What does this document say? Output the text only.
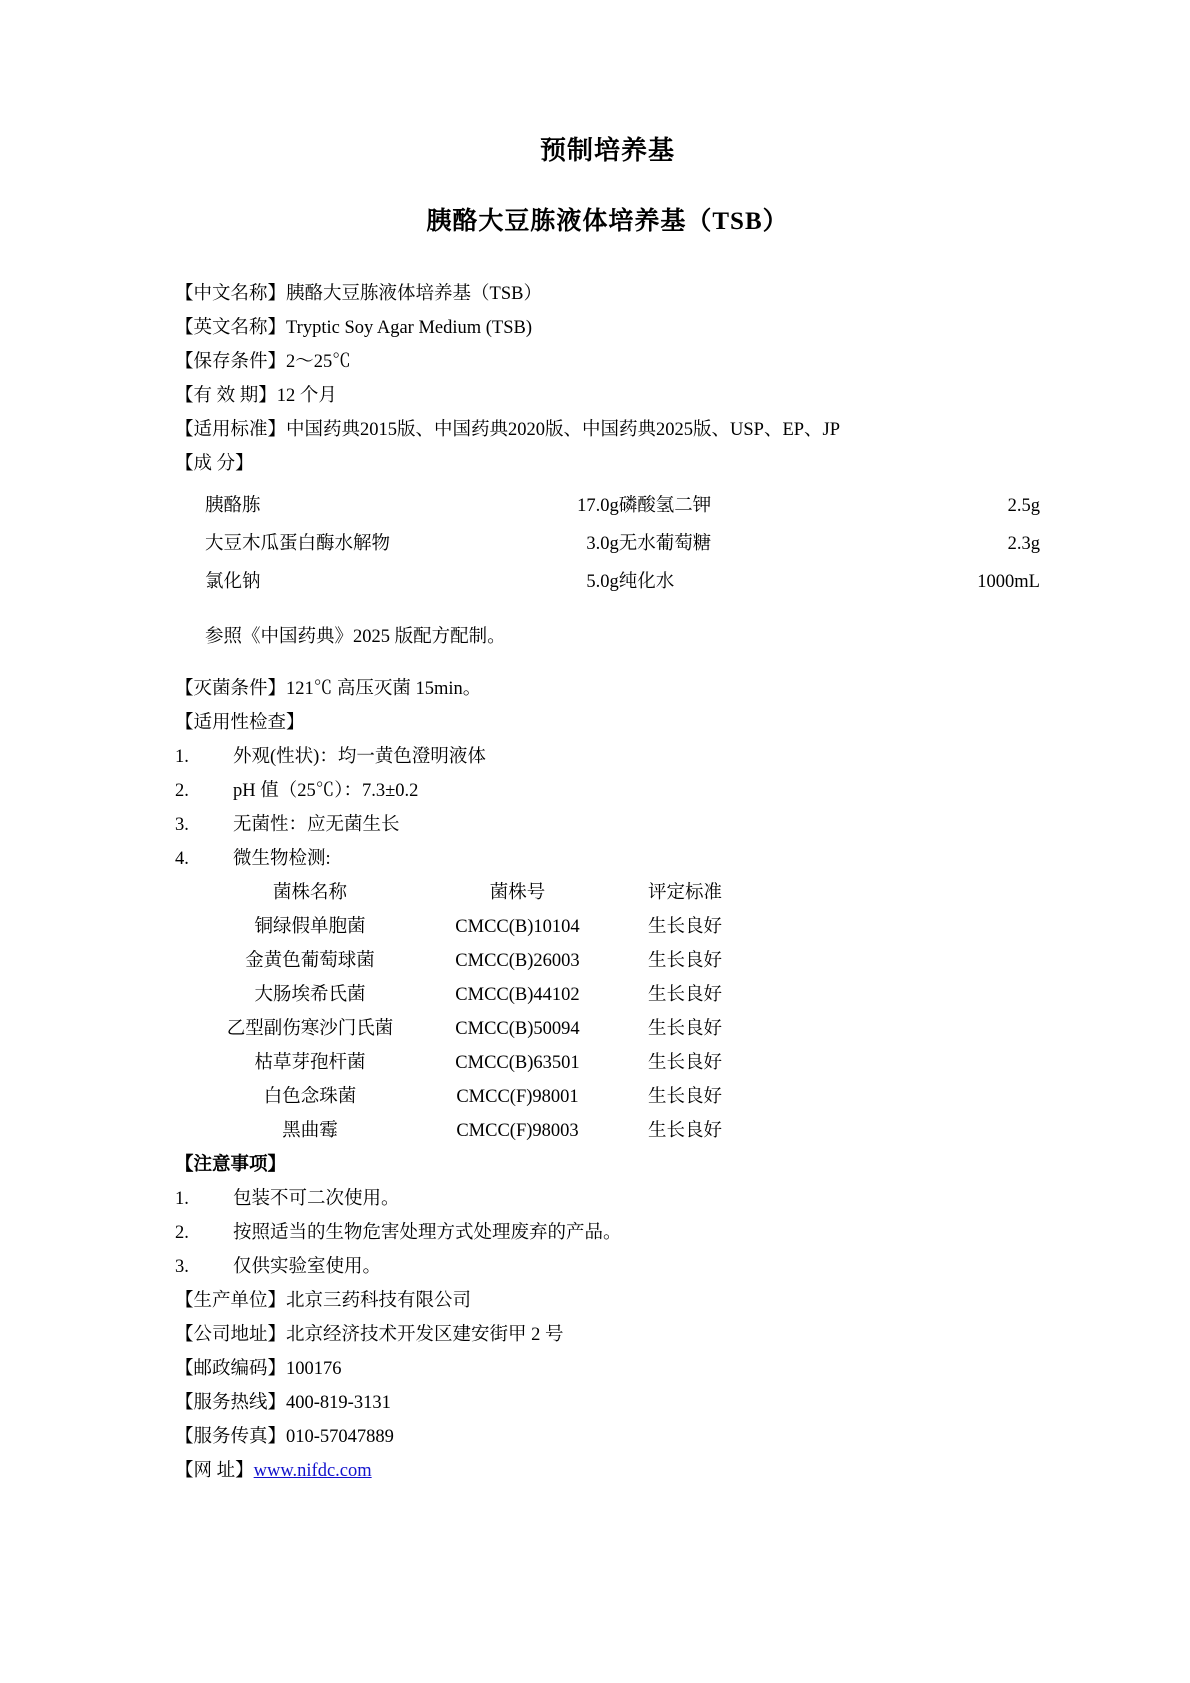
预制培养基
胰酪大豆胨液体培养基（TSB）

【中文名称】胰酪大豆胨液体培养基（TSB）

【英文名称】Tryptic Soy Agar Medium (TSB)

【保存条件】2～25℃

【有 效 期】12 个月

【适用标准】中国药典2015版、中国药典2020版、中国药典2025版、USP、EP、JP

【成 分】

胰酪胨	17.0g	磷酸氢二钾	2.5g
大豆木瓜蛋白酶水解物	3.0g	无水葡萄糖	2.3g
氯化钠	5.0g	纯化水	1000mL

参照《中国药典》2025 版配方配制。

【灭菌条件】121℃ 高压灭菌 15min。

【适用性检查】

1.	外观(性状)：均一黄色澄明液体
2.	pH 值（25℃）：7.3±0.2
3.	无菌性：应无菌生长
4.	微生物检测:
菌株名称	菌株号	评定标准
铜绿假单胞菌	CMCC(B)10104	生长良好
金黄色葡萄球菌	CMCC(B)26003	生长良好
大肠埃希氏菌	CMCC(B)44102	生长良好
乙型副伤寒沙门氏菌	CMCC(B)50094	生长良好
枯草芽孢杆菌	CMCC(B)63501	生长良好
白色念珠菌	CMCC(F)98001	生长良好
黑曲霉	CMCC(F)98003	生长良好

【注意事项】

1.	包装不可二次使用。
2.	按照适当的生物危害处理方式处理废弃的产品。
3.	仅供实验室使用。

【生产单位】北京三药科技有限公司

【公司地址】北京经济技术开发区建安街甲 2 号

【邮政编码】100176

【服务热线】400-819-3131

【服务传真】010-57047889

【网 址】www.nifdc.com
